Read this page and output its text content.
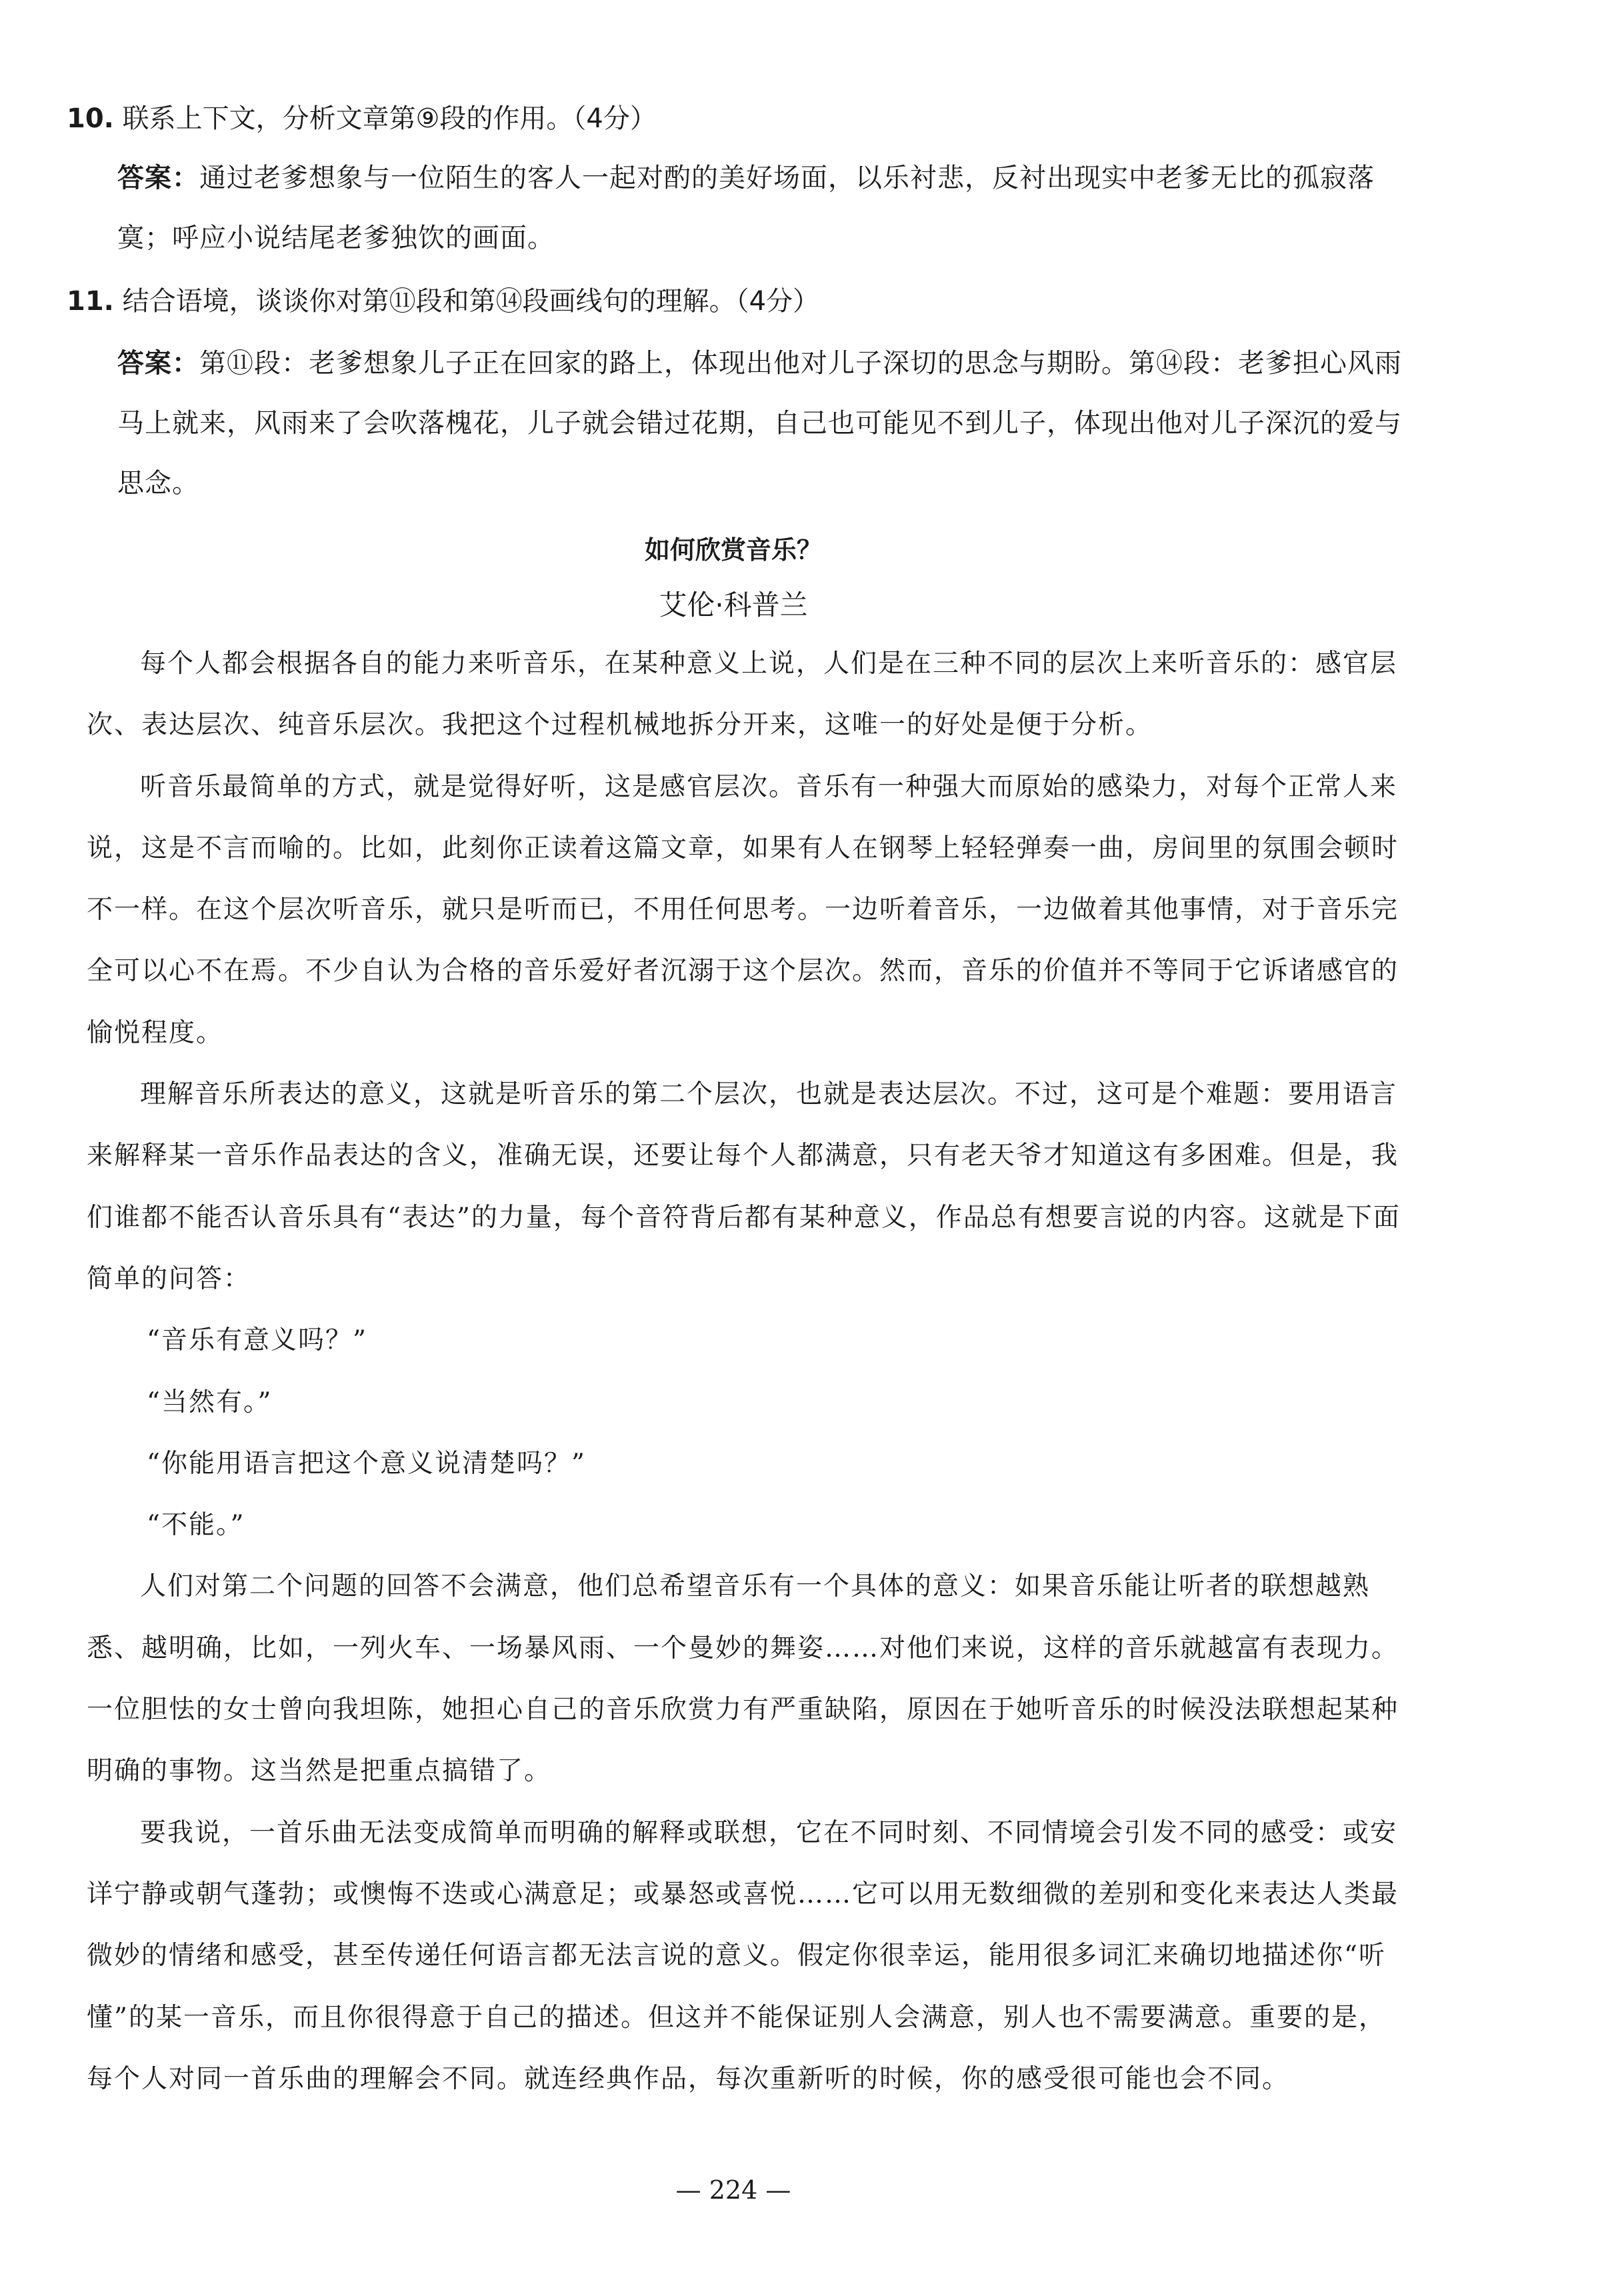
10. 联系上下文，分析文章第⑨段的作用。（4分）
答案：通过老爹想象与一位陌生的客人一起对酌的美好场面，以乐衬悲，反衬出现实中老爹无比的孤寂落寞；呼应小说结尾老爹独饮的画面。
11. 结合语境，谈谈你对第⑪段和第⑭段画线句的理解。（4分）
答案：第⑪段：老爹想象儿子正在回家的路上，体现出他对儿子深切的思念与期盼。第⑭段：老爹担心风雨马上就来，风雨来了会吹落槐花，儿子就会错过花期，自己也可能见不到儿子，体现出他对儿子深沉的爱与思念。
如何欣赏音乐？
艾伦·科普兰

每个人都会根据各自的能力来听音乐，在某种意义上说，人们是在三种不同的层次上来听音乐的：感官层次、表达层次、纯音乐层次。我把这个过程机械地拆分开来，这唯一的好处是便于分析。

听音乐最简单的方式，就是觉得好听，这是感官层次。音乐有一种强大而原始的感染力，对每个正常人来说，这是不言而喻的。比如，此刻你正读着这篇文章，如果有人在钢琴上轻轻弹奏一曲，房间里的氛围会顿时不一样。在这个层次听音乐，就只是听而已，不用任何思考。一边听着音乐，一边做着其他事情，对于音乐完全可以心不在焉。不少自认为合格的音乐爱好者沉溺于这个层次。然而，音乐的价值并不等同于它诉诸感官的愉悦程度。

理解音乐所表达的意义，这就是听音乐的第二个层次，也就是表达层次。不过，这可是个难题：要用语言来解释某一音乐作品表达的含义，准确无误，还要让每个人都满意，只有老天爷才知道这有多困难。但是，我们谁都不能否认音乐具有“表达”的力量，每个音符背后都有某种意义，作品总有想要言说的内容。这就是下面简单的问答：

“音乐有意义吗？”

“当然有。”

“你能用语言把这个意义说清楚吗？”

“不能。”

人们对第二个问题的回答不会满意，他们总希望音乐有一个具体的意义：如果音乐能让听者的联想越熟悉、越明确，比如，一列火车、一场暴风雨、一个曼妙的舞姿……对他们来说，这样的音乐就越富有表现力。一位胆怯的女士曾向我坦陈，她担心自己的音乐欣赏力有严重缺陷，原因在于她听音乐的时候没法联想起某种明确的事物。这当然是把重点搞错了。

要我说，一首乐曲无法变成简单而明确的解释或联想，它在不同时刻、不同情境会引发不同的感受：或安详宁静或朝气蓬勃；或懊悔不迭或心满意足；或暴怒或喜悦……它可以用无数细微的差别和变化来表达人类最微妙的情绪和感受，甚至传递任何语言都无法言说的意义。假定你很幸运，能用很多词汇来确切地描述你“听懂”的某一音乐，而且你很得意于自己的描述。但这并不能保证别人会满意，别人也不需要满意。重要的是，每个人对同一首乐曲的理解会不同。就连经典作品，每次重新听的时候，你的感受很可能也会不同。

— 224 —
